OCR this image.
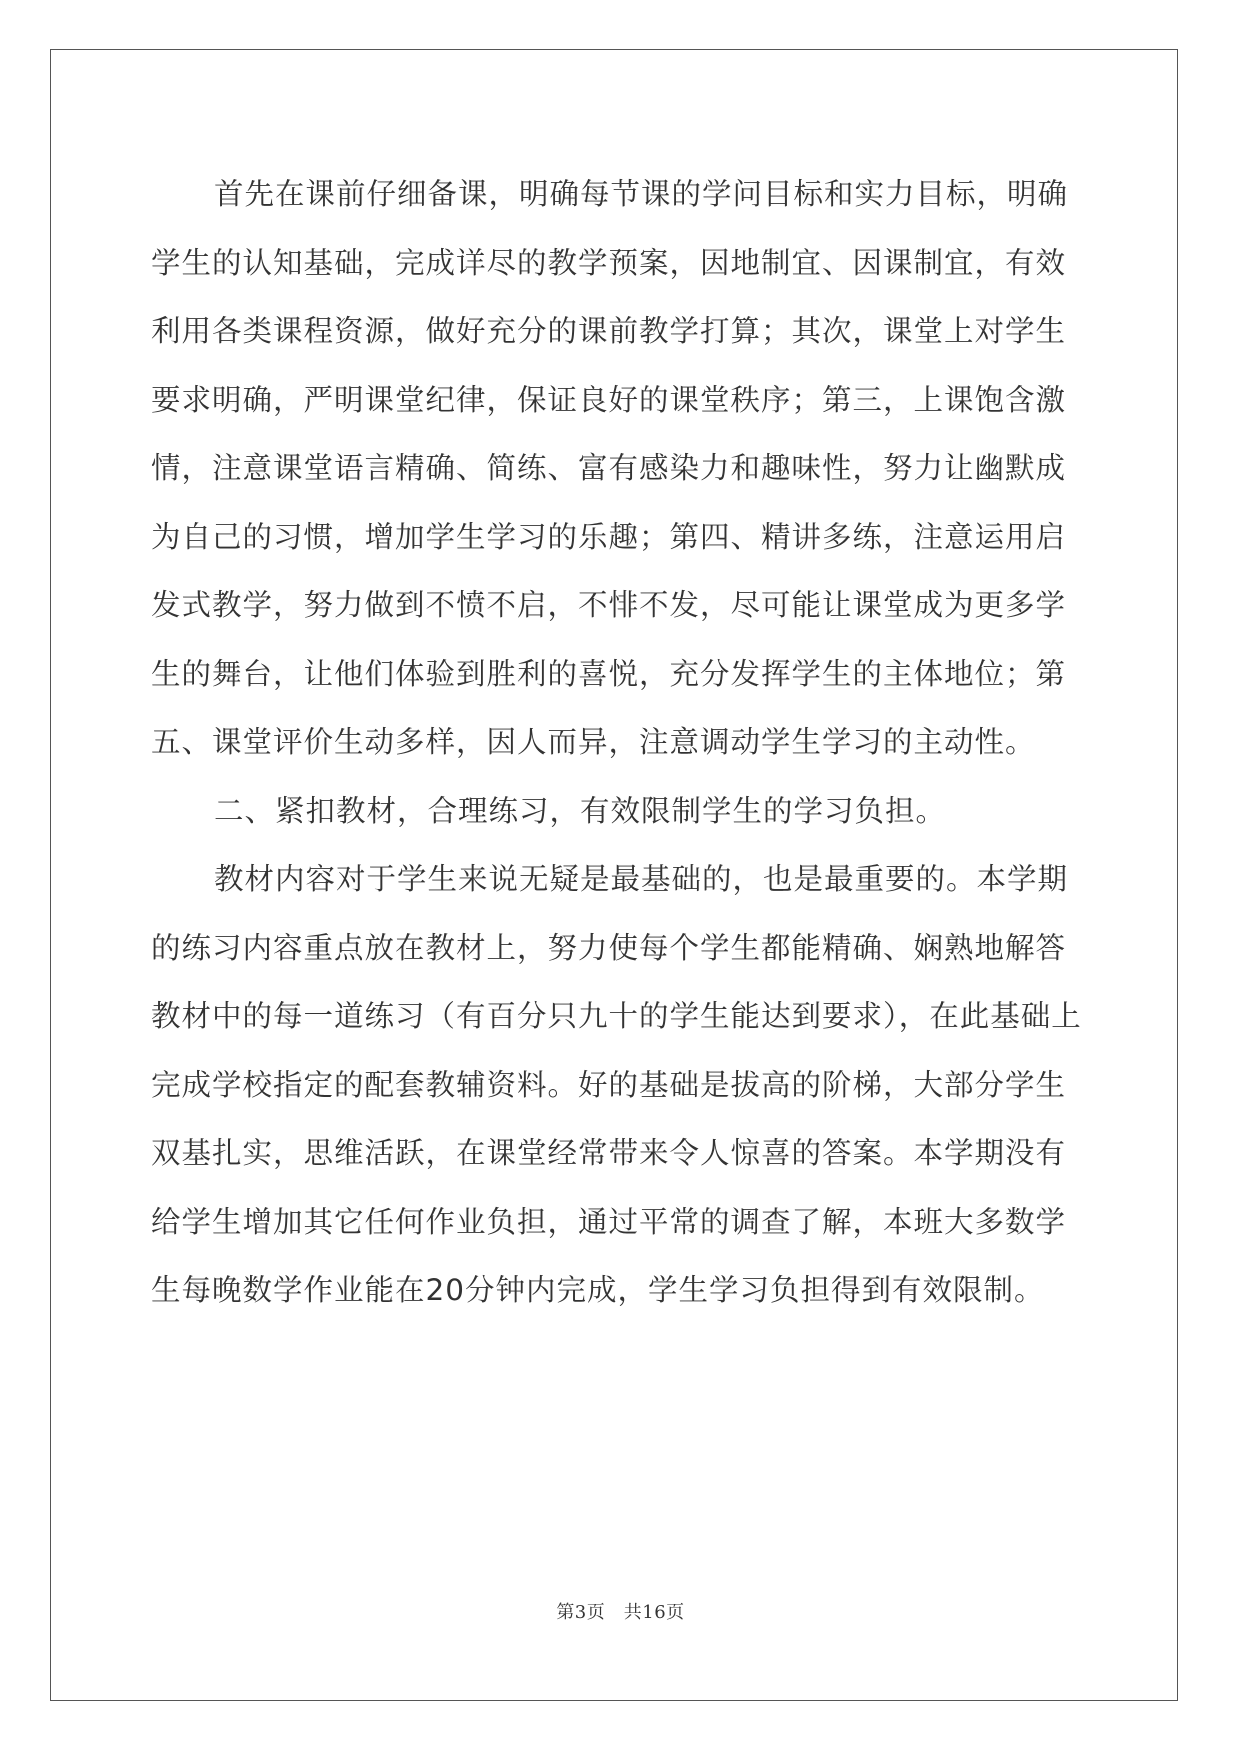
首先在课前仔细备课，明确每节课的学问目标和实力目标，明确

学生的认知基础，完成详尽的教学预案，因地制宜、因课制宜，有效

利用各类课程资源，做好充分的课前教学打算；其次，课堂上对学生

要求明确，严明课堂纪律，保证良好的课堂秩序；第三，上课饱含激

情，注意课堂语言精确、简练、富有感染力和趣味性，努力让幽默成

为自己的习惯，增加学生学习的乐趣；第四、精讲多练，注意运用启

发式教学，努力做到不愤不启，不悱不发，尽可能让课堂成为更多学

生的舞台，让他们体验到胜利的喜悦，充分发挥学生的主体地位；第

五、课堂评价生动多样，因人而异，注意调动学生学习的主动性。

二、紧扣教材，合理练习，有效限制学生的学习负担。

教材内容对于学生来说无疑是最基础的，也是最重要的。本学期

的练习内容重点放在教材上，努力使每个学生都能精确、娴熟地解答

教材中的每一道练习（有百分只九十的学生能达到要求），在此基础上

完成学校指定的配套教辅资料。好的基础是拔高的阶梯，大部分学生

双基扎实，思维活跃，在课堂经常带来令人惊喜的答案。本学期没有

给学生增加其它任何作业负担，通过平常的调查了解，本班大多数学

生每晚数学作业能在20分钟内完成，学生学习负担得到有效限制。

第3页　共16页
